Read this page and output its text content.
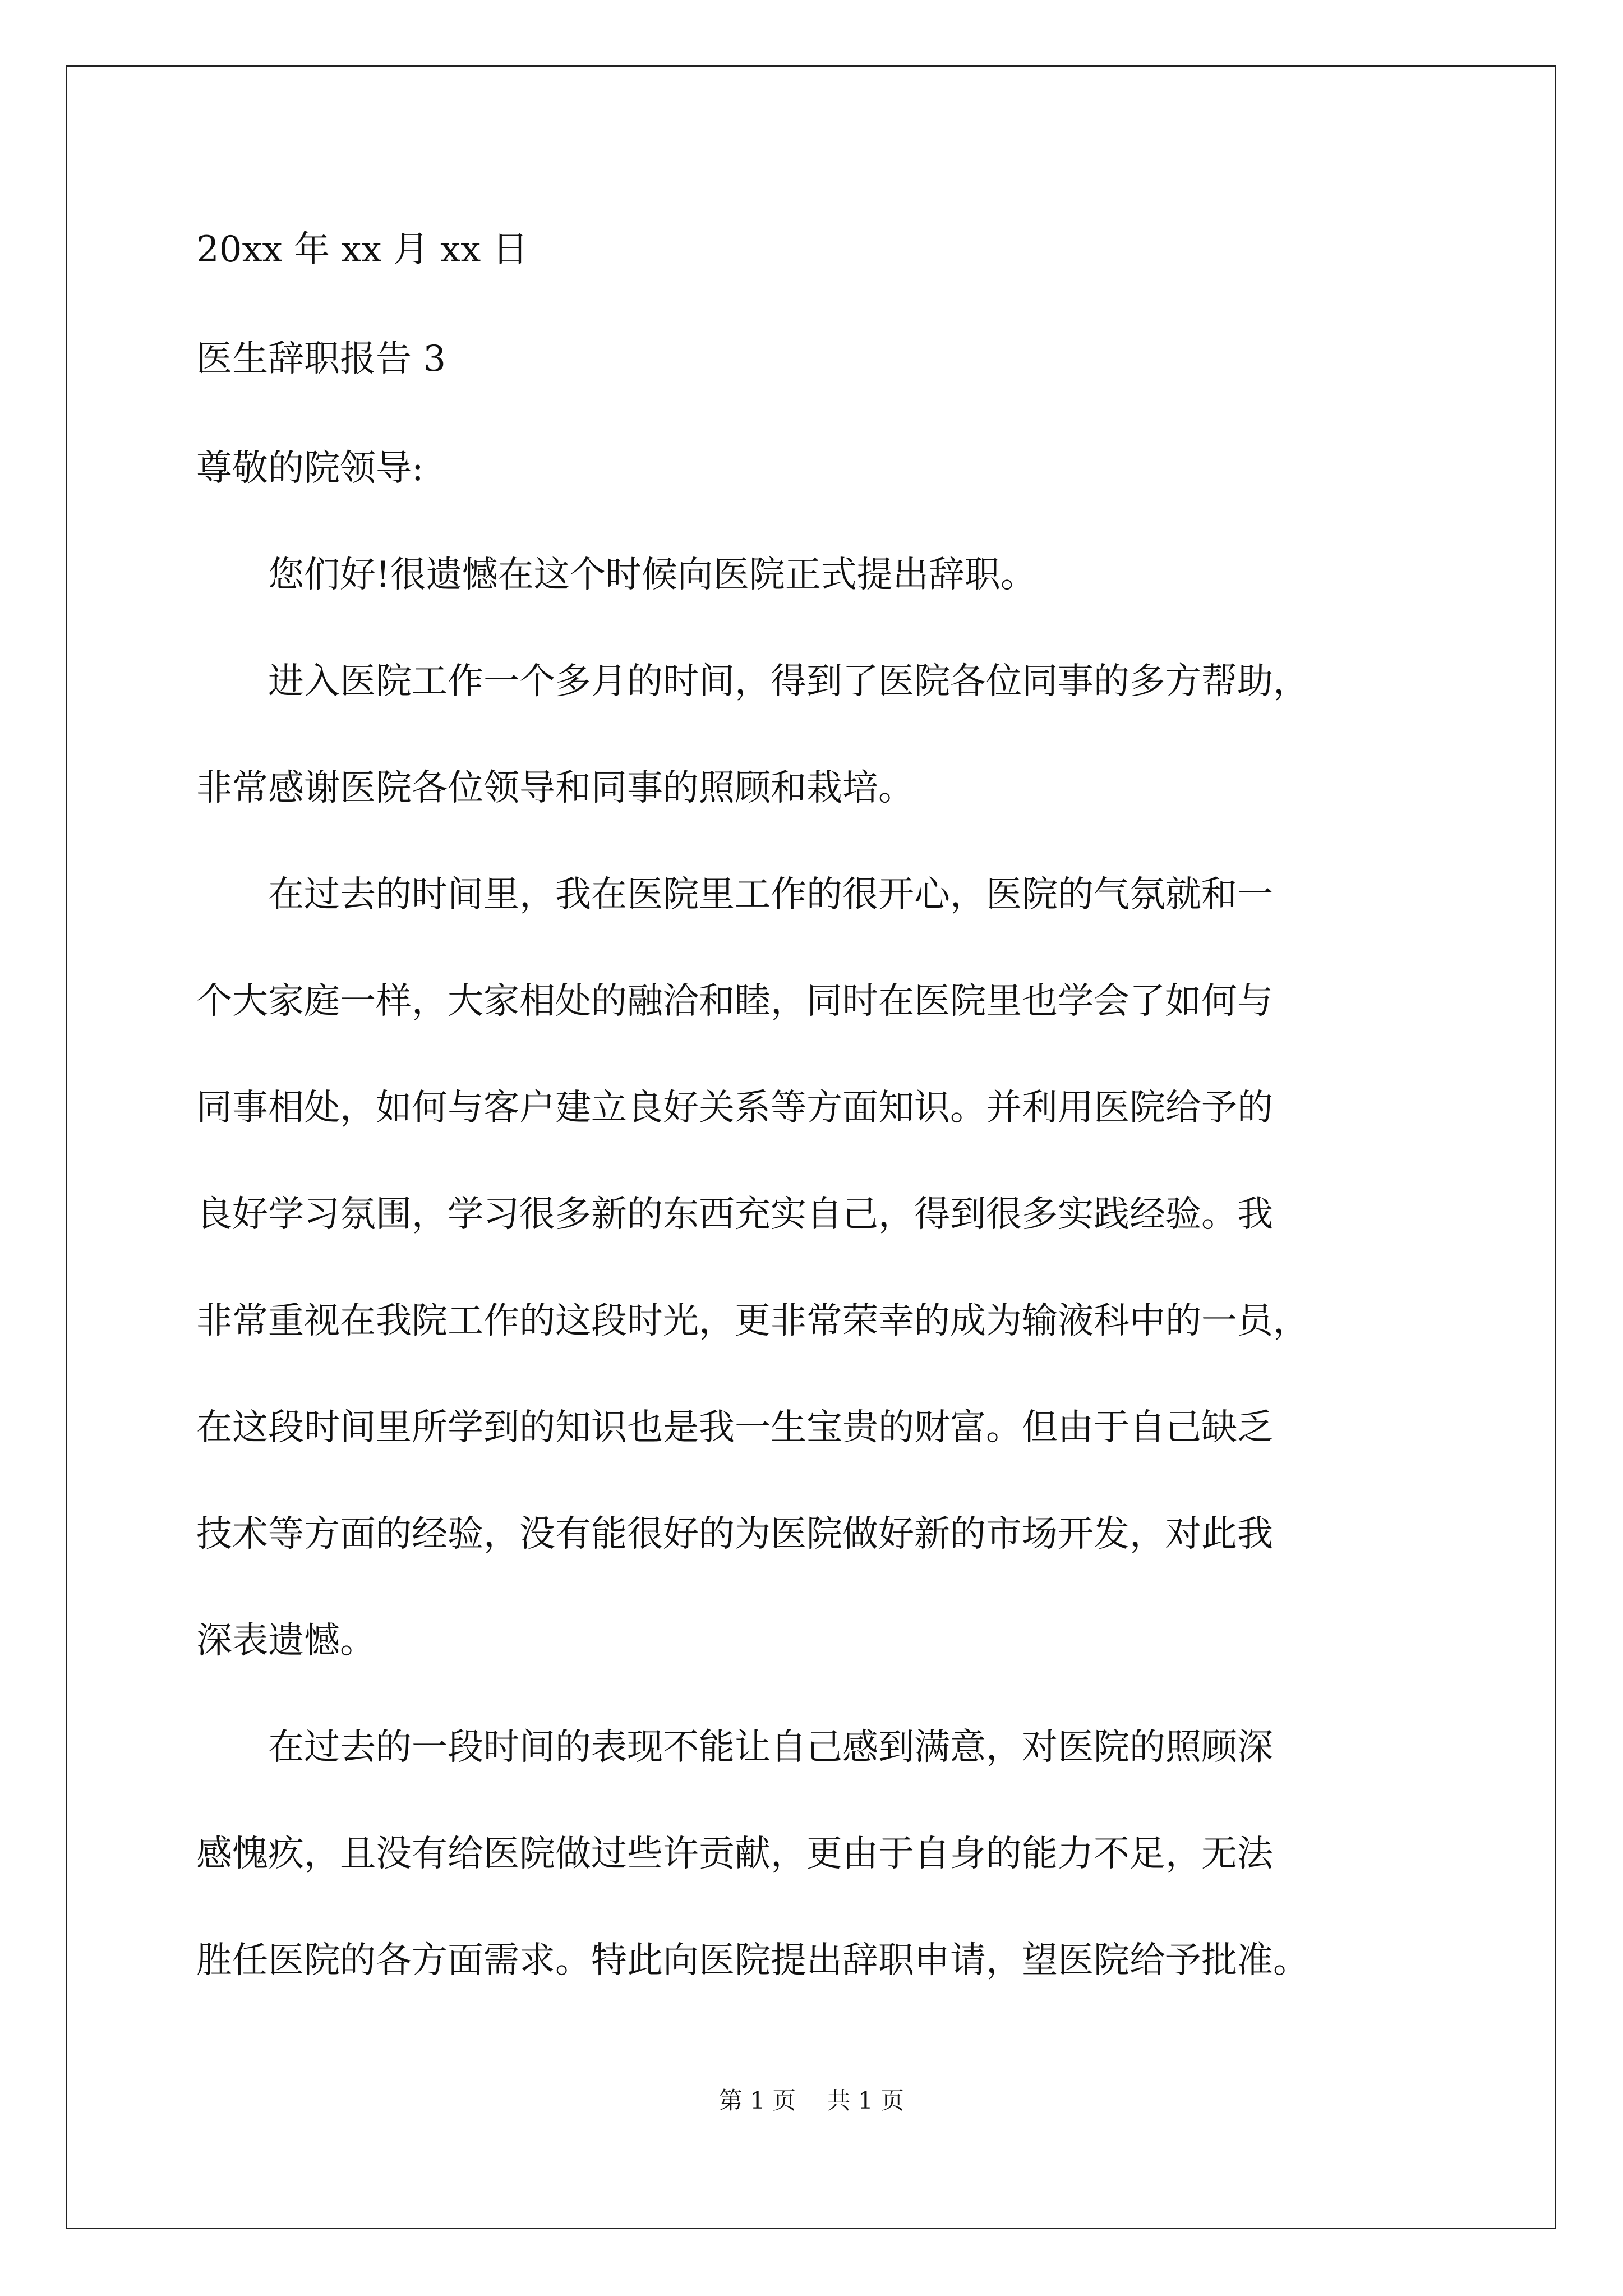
20xx 年 xx 月 xx 日
医生辞职报告 3
尊敬的院领导:
　　您们好!很遗憾在这个时候向医院正式提出辞职。
　　进入医院工作一个多月的时间，得到了医院各位同事的多方帮助，
非常感谢医院各位领导和同事的照顾和栽培。
　　在过去的时间里，我在医院里工作的很开心，医院的气氛就和一
个大家庭一样，大家相处的融洽和睦，同时在医院里也学会了如何与
同事相处，如何与客户建立良好关系等方面知识。并利用医院给予的
良好学习氛围，学习很多新的东西充实自己，得到很多实践经验。我
非常重视在我院工作的这段时光，更非常荣幸的成为输液科中的一员，
在这段时间里所学到的知识也是我一生宝贵的财富。但由于自己缺乏
技术等方面的经验，没有能很好的为医院做好新的市场开发，对此我
深表遗憾。
　　在过去的一段时间的表现不能让自己感到满意，对医院的照顾深
感愧疚，且没有给医院做过些许贡献，更由于自身的能力不足，无法
胜任医院的各方面需求。特此向医院提出辞职申请，望医院给予批准。
第 1 页　 共 1 页
